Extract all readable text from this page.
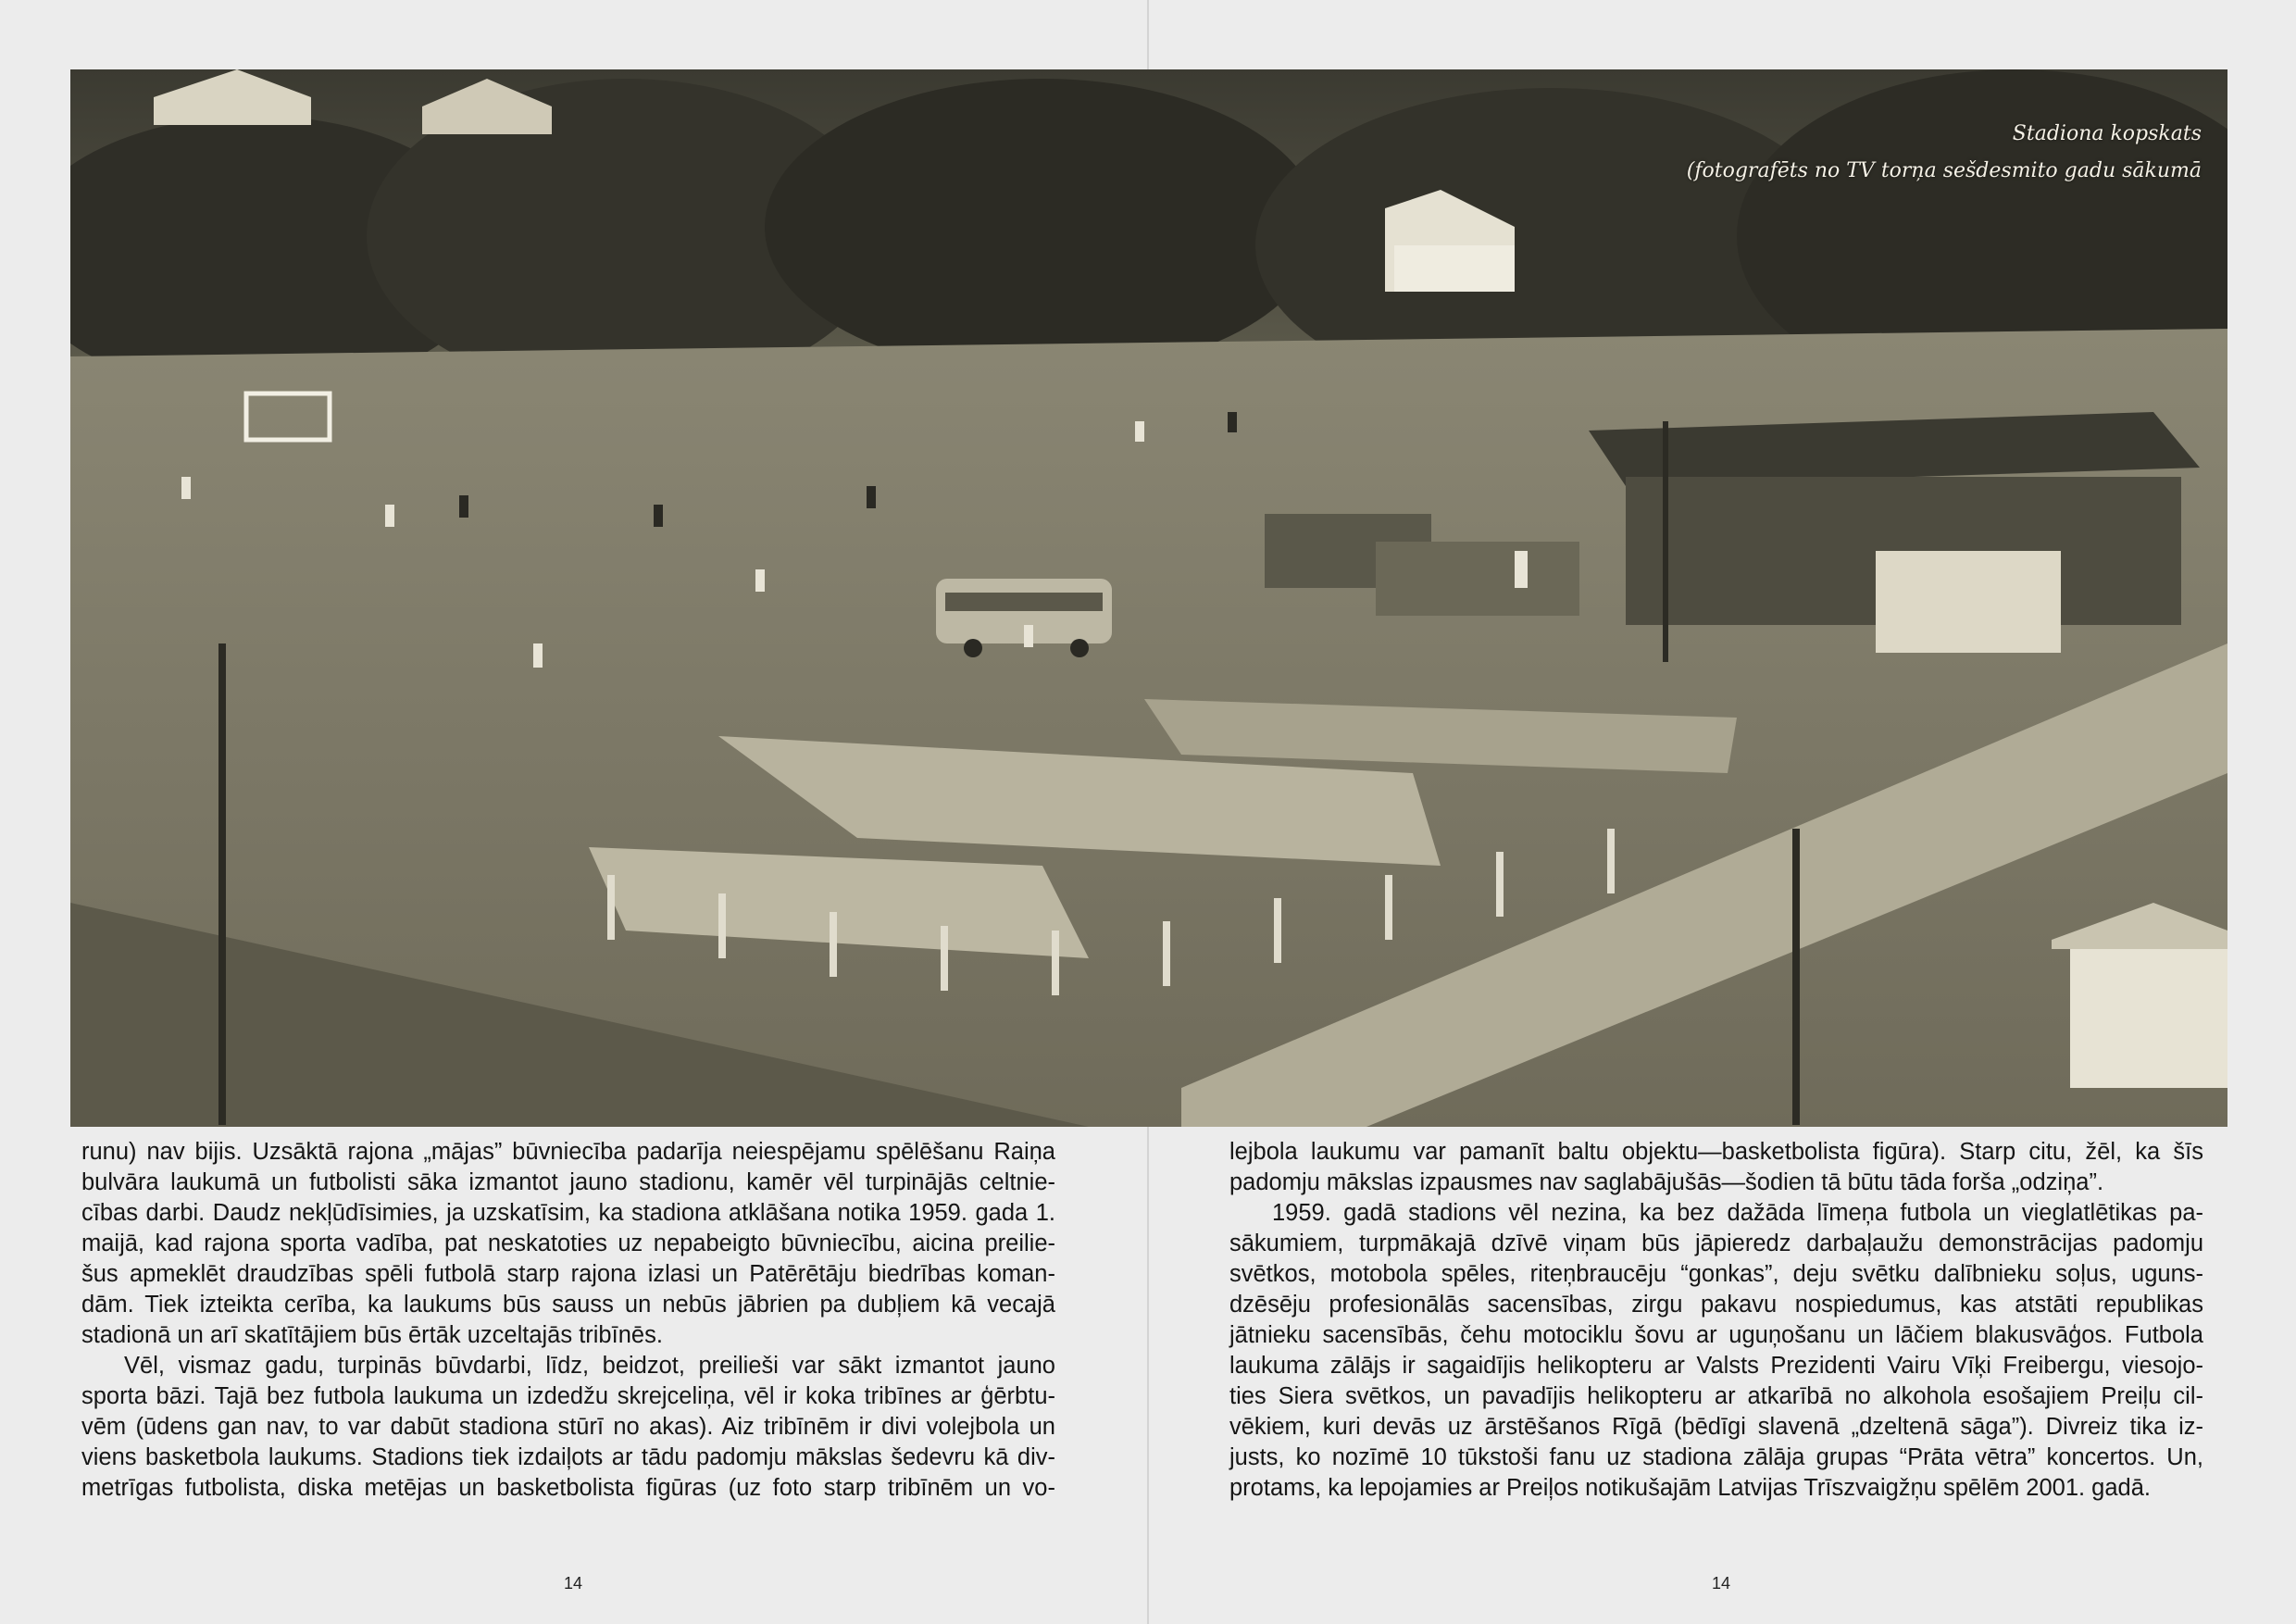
Stadiona kopskats
(fotografēts no TV torņa sešdesmito gadu sākumā
runu) nav bijis. Uzsāktā rajona „mājas” būvniecība padarīja neiespējamu spēlēšanu Raiņa
bulvāra laukumā un futbolisti sāka izmantot jauno stadionu, kamēr vēl turpinājās celtnie-
cības darbi. Daudz nekļūdīsimies, ja uzskatīsim, ka stadiona atklāšana notika 1959. gada 1.
maijā, kad rajona sporta vadība, pat neskatoties uz nepabeigto būvniecību, aicina preilie-
šus apmeklēt draudzības spēli futbolā starp rajona izlasi un Patērētāju biedrības koman-
dām. Tiek izteikta cerība, ka laukums būs sauss un nebūs jābrien pa dubļiem kā vecajā
stadionā un arī skatītājiem būs ērtāk uzceltajās tribīnēs.
Vēl, vismaz gadu, turpinās būvdarbi, līdz, beidzot, preilieši var sākt izmantot jauno
sporta bāzi. Tajā bez futbola laukuma un izdedžu skrejceliņa, vēl ir koka tribīnes ar ģērbtu-
vēm (ūdens gan nav, to var dabūt stadiona stūrī no akas). Aiz tribīnēm ir divi volejbola un
viens basketbola laukums. Stadions tiek izdaiļots ar tādu padomju mākslas šedevru kā div-
metrīgas futbolista, diska metējas un basketbolista figūras (uz foto starp tribīnēm un vo-
lejbola laukumu var pamanīt baltu objektu—basketbolista figūra). Starp citu, žēl, ka šīs
padomju mākslas izpausmes nav saglabājušās—šodien tā būtu tāda forša „odziņa”.
1959. gadā stadions vēl nezina, ka bez dažāda līmeņa futbola un vieglatlētikas pa-
sākumiem, turpmākajā dzīvē viņam būs jāpieredz darbaļaužu demonstrācijas padomju
svētkos, motobola spēles, riteņbraucēju “gonkas”, deju svētku dalībnieku soļus, uguns-
dzēsēju profesionālās sacensības, zirgu pakavu nospiedumus, kas atstāti republikas
jātnieku sacensībās, čehu motociklu šovu ar uguņošanu un lāčiem blakusvāģos. Futbola
laukuma zālājs ir sagaidījis helikopteru ar Valsts Prezidenti Vairu Vīķi Freibergu, viesojo-
ties Siera svētkos, un pavadījis helikopteru ar atkarībā no alkohola esošajiem Preiļu cil-
vēkiem, kuri devās uz ārstēšanos Rīgā (bēdīgi slavenā „dzeltenā sāga”). Divreiz tika iz-
justs, ko nozīmē 10 tūkstoši fanu uz stadiona zālāja grupas “Prāta vētra” koncertos. Un,
protams, ka lepojamies ar Preiļos notikušajām Latvijas Trīszvaigžņu spēlēm 2001. gadā.
14	14
